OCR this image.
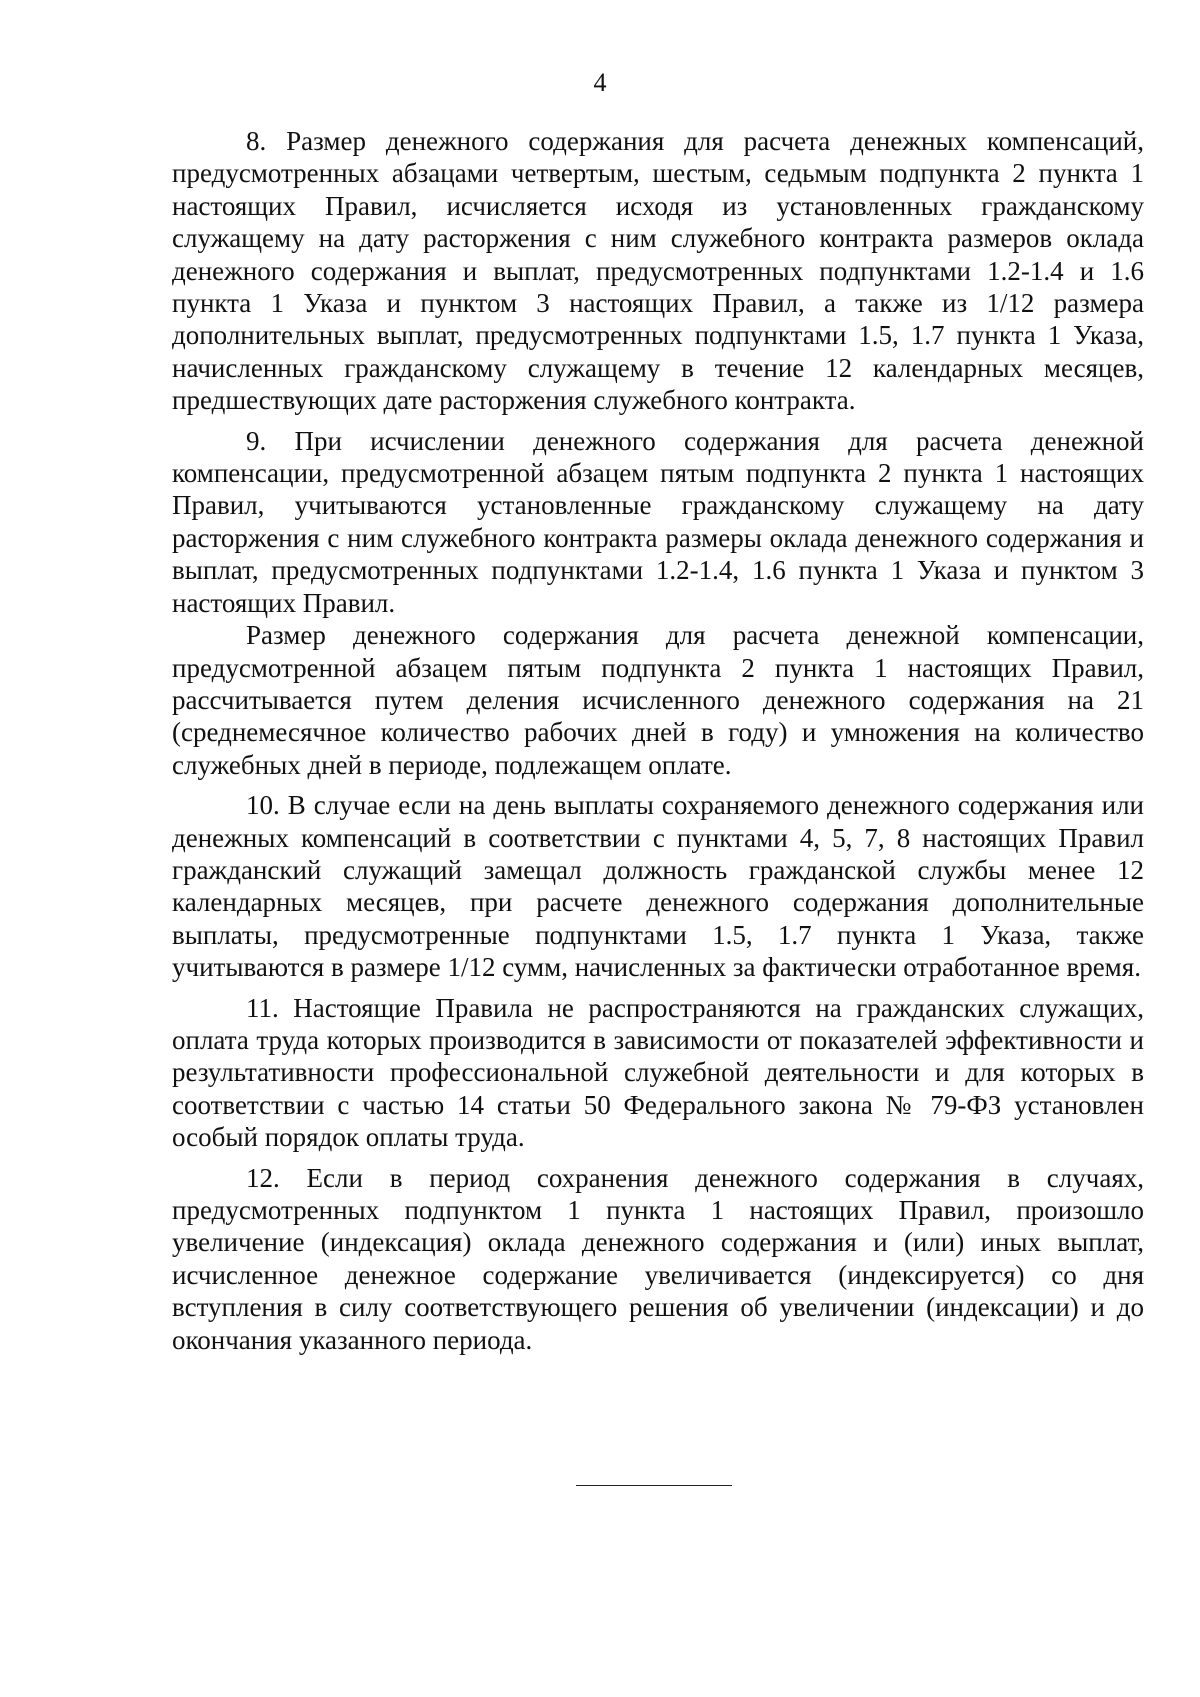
4

8. Размер денежного содержания для расчета денежных компенсаций, предусмотренных абзацами четвертым, шестым, седьмым подпункта 2 пункта 1 настоящих Правил, исчисляется исходя из установленных гражданскому служащему на дату расторжения с ним служебного контракта размеров оклада денежного содержания и выплат, предусмотренных подпунктами 1.2-1.4 и 1.6 пункта 1 Указа и пунктом 3 настоящих Правил, а также из 1/12 размера дополнительных выплат, предусмотренных подпунктами 1.5, 1.7 пункта 1 Указа, начисленных гражданскому служащему в течение 12 календарных месяцев, предшествующих дате расторжения служебного контракта.

9. При исчислении денежного содержания для расчета денежной компенсации, предусмотренной абзацем пятым подпункта 2 пункта 1 настоящих Правил, учитываются установленные гражданскому служащему на дату расторжения с ним служебного контракта размеры оклада денежного содержания и выплат, предусмотренных подпунктами 1.2-1.4, 1.6 пункта 1 Указа и пунктом 3 настоящих Правил.

Размер денежного содержания для расчета денежной компенсации, предусмотренной абзацем пятым подпункта 2 пункта 1 настоящих Правил, рассчитывается путем деления исчисленного денежного содержания на 21 (среднемесячное количество рабочих дней в году) и умножения на количество служебных дней в периоде, подлежащем оплате.

10. В случае если на день выплаты сохраняемого денежного содержания или денежных компенсаций в соответствии с пунктами 4, 5, 7, 8 настоящих Правил гражданский служащий замещал должность гражданской службы менее 12 календарных месяцев, при расчете денежного содержания дополнительные выплаты, предусмотренные подпунктами 1.5, 1.7 пункта 1 Указа, также учитываются в размере 1/12 сумм, начисленных за фактически отработанное время.

11. Настоящие Правила не распространяются на гражданских служащих, оплата труда которых производится в зависимости от показателей эффективности и результативности профессиональной служебной деятельности и для которых в соответствии с частью 14 статьи 50 Федерального закона № 79-ФЗ установлен особый порядок оплаты труда.

12. Если в период сохранения денежного содержания в случаях, предусмотренных подпунктом 1 пункта 1 настоящих Правил, произошло увеличение (индексация) оклада денежного содержания и (или) иных выплат, исчисленное денежное содержание увеличивается (индексируется) со дня вступления в силу соответствующего решения об увеличении (индексации) и до окончания указанного периода.
